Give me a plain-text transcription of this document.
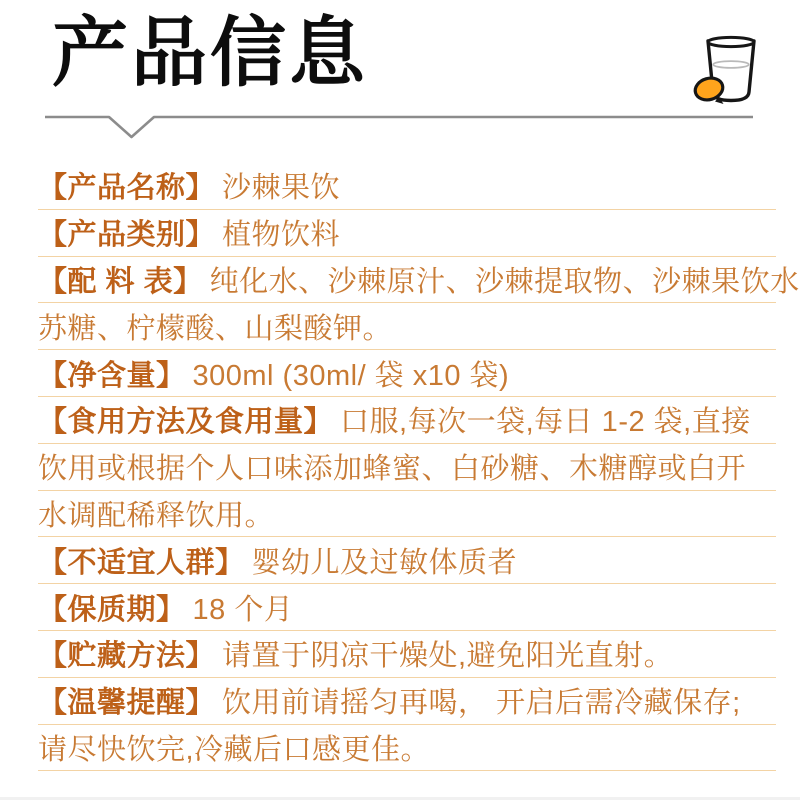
产品信息
【产品名称】 沙棘果饮
【产品类别】 植物饮料
【配 料 表】 纯化水、沙棘原汁、沙棘提取物、沙棘果饮水
苏糖、柠檬酸、山梨酸钾。
【净含量】 300ml (30ml/ 袋 x10 袋)
【食用方法及食用量】 口服,每次一袋,每日 1-2 袋,直接
饮用或根据个人口味添加蜂蜜、白砂糖、木糖醇或白开
水调配稀释饮用。
【不适宜人群】 婴幼儿及过敏体质者
【保质期】 18 个月
【贮藏方法】 请置于阴凉干燥处,避免阳光直射。
【温馨提醒】 饮用前请摇匀再喝， 开启后需冷藏保存;
请尽快饮完,冷藏后口感更佳。
